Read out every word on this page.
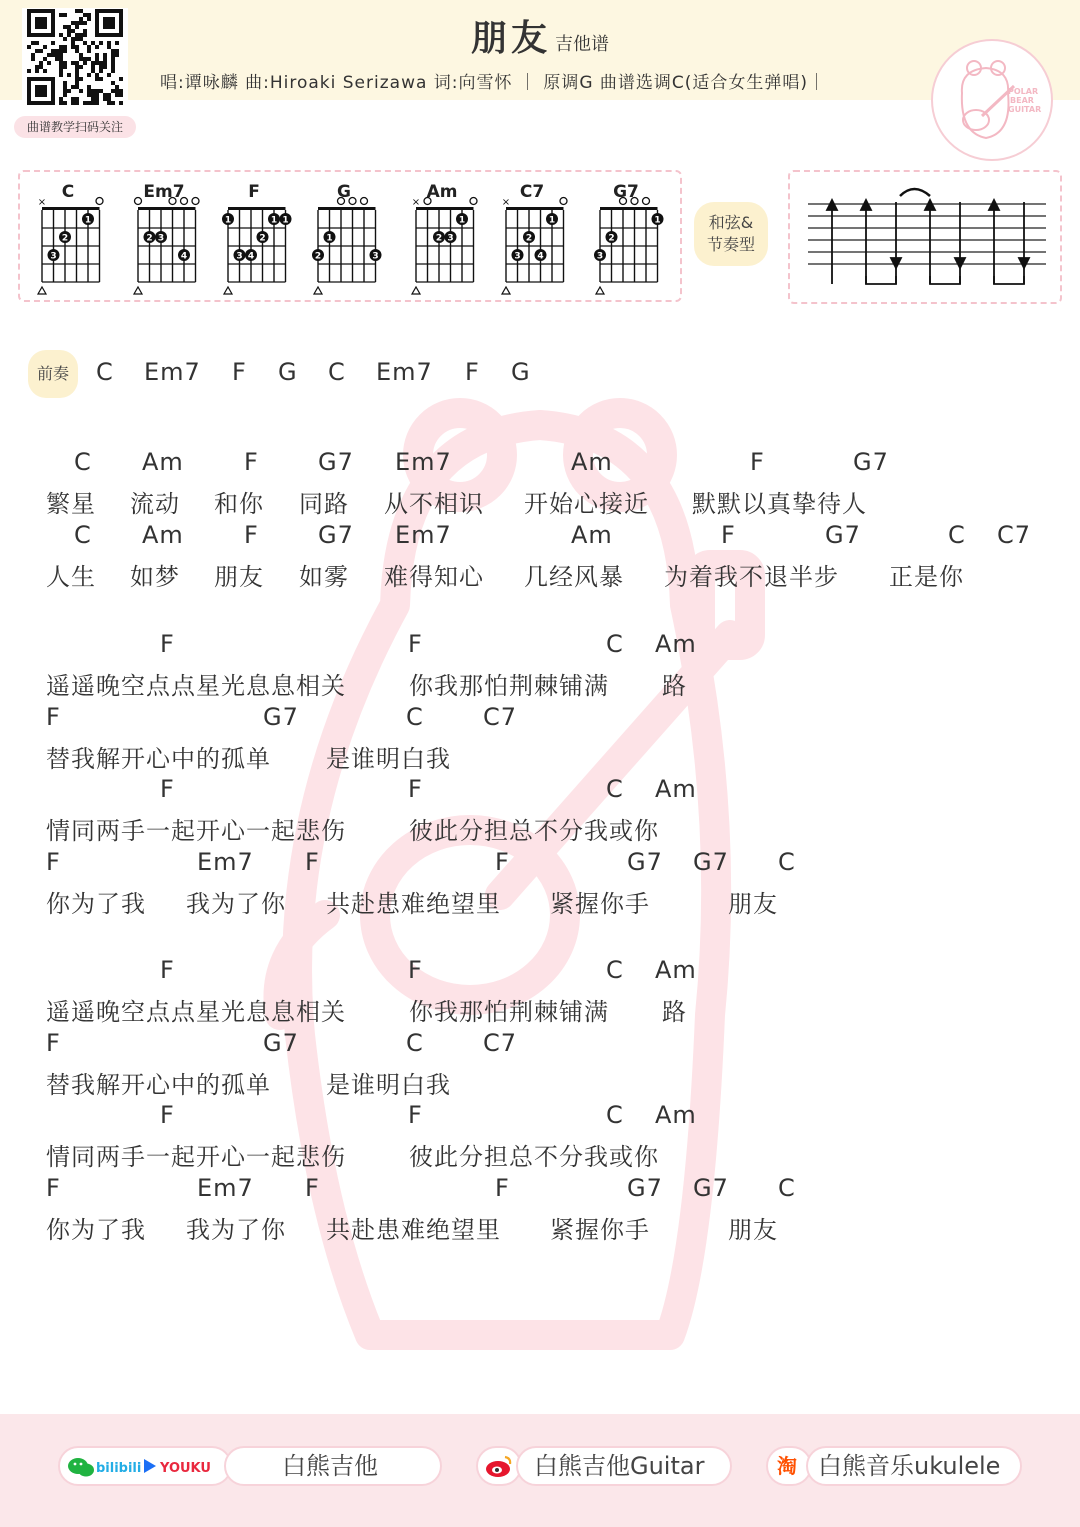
曲谱教学扫码关注
朋友 吉他谱
唱:谭咏麟 曲:Hiroaki Serizawa 词:向雪怀 ｜ 原调G 曲谱选调C(适合女生弹唱)｜	POLAR
BEAR
GUITAR
C
×
1
2
3
Em7
2 3
4
F
1	1 1
2
3 4
G
1
2	3
Am
×
1
2 3
C7
×
1
2
3 4
G7
1
2
3
和弦&
节奏型
前奏	C Em7 F G C Em7 F G
C Am	F G7 Em7	Am	F	G7
繁星 流动 和你 同路 从不相识 开始心接近 默默以真挚待人
C Am	F G7 Em7	Am	F	G7	C C7
人生 如梦 朋友 如雾 难得知心 几经风暴 为着我不退半步 正是你
F	F	C Am
遥遥晚空点点星光息息相关	你我那怕荆棘铺满 路
F	G7	C C7
替我解开心中的孤单 是谁明白我
F	F	C Am
情同两手一起开心一起悲伤	彼此分担总不分我或你
F	Em7 F	F	G7 G7 C
你为了我 我为了你 共赴患难绝望里 紧握你手	朋友
F	F	C Am
遥遥晚空点点星光息息相关	你我那怕荆棘铺满 路
F	G7	C C7
替我解开心中的孤单 是谁明白我
F	F	C Am
情同两手一起开心一起悲伤	彼此分担总不分我或你
F	Em7 F	F	G7 G7 C
你为了我 我为了你 共赴患难绝望里 紧握你手	朋友
bilibili YOUKU	白熊吉他	白熊吉他Guitar	淘 白熊音乐ukulele
